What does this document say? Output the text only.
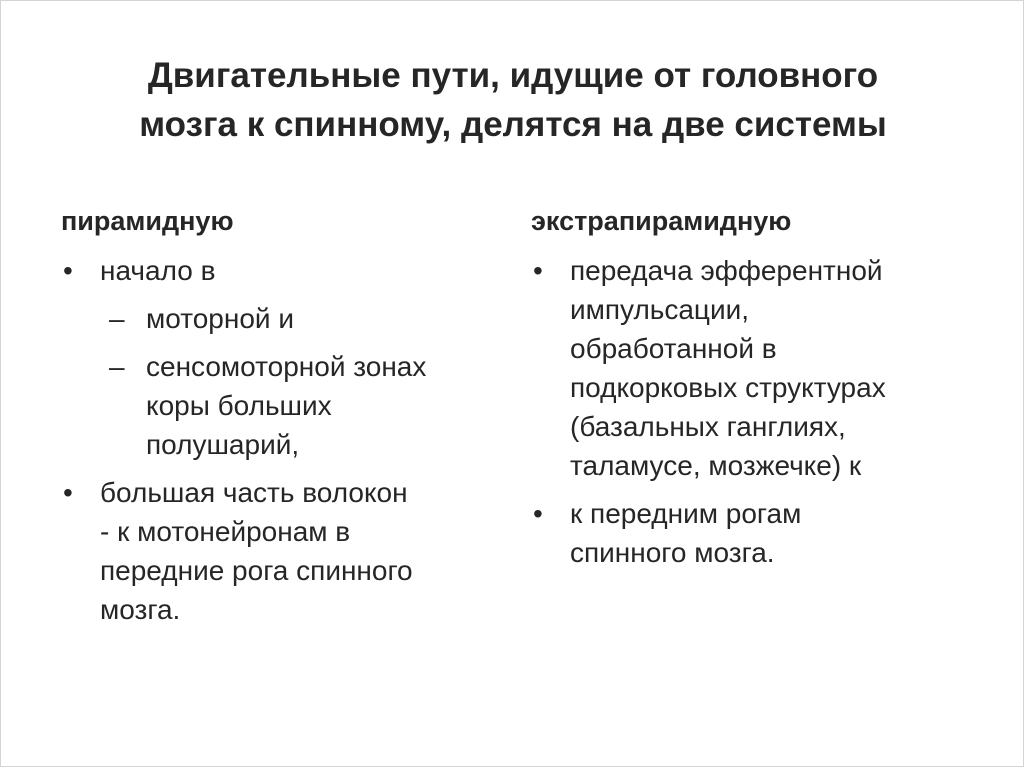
Двигательные пути, идущие от головного
мозга к спинному, делятся на две системы
пирамидную
• начало в
– моторной и
– сенсомоторной зонах
коры больших
полушарий,
• большая часть волокон
- к мотонейронам в
передние рога спинного
мозга.
экстрапирамидную
• передача эфферентной
импульсации,
обработанной в
подкорковых структурах
(базальных ганглиях,
таламусе, мозжечке) к
• к передним рогам
спинного мозга.
